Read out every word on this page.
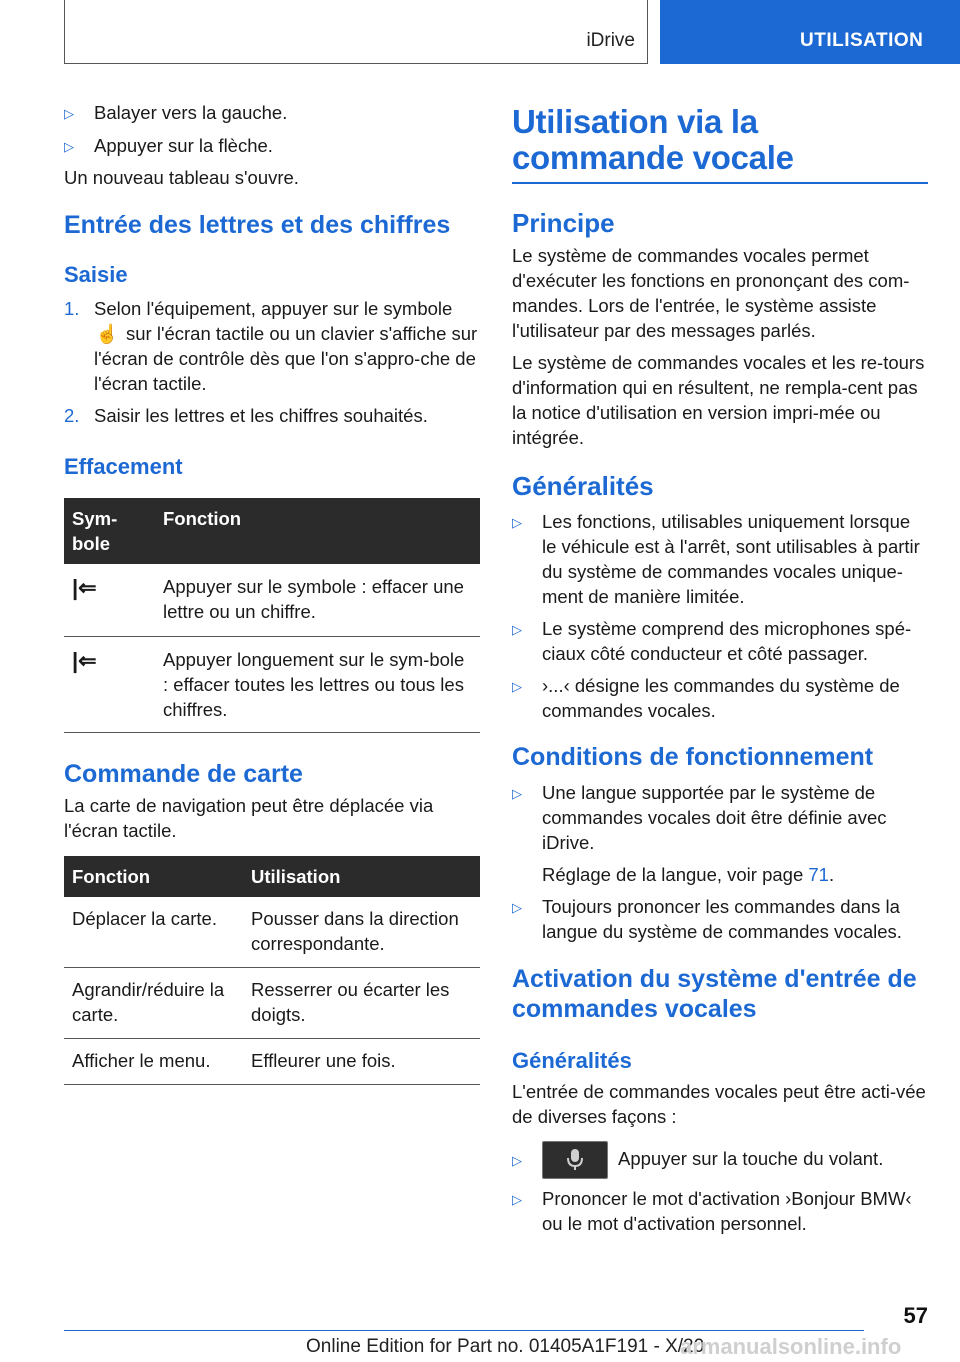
iDrive	UTILISATION
▷	Balayer vers la gauche.
▷	Appuyer sur la flèche.

Un nouveau tableau s'ouvre.

Entrée des lettres et des chiffres
Saisie
1. Selon l'équipement, appuyer sur le symbole
☝ sur l'écran tactile ou un clavier s'affiche sur l'écran de contrôle dès que l'on s'appro-che de l'écran tactile.
2. Saisir les lettres et les chiffres souhaités.
Effacement
Sym-bole	Fonction
|⇐	Appuyer sur le symbole : effacer une lettre ou un chiffre.
|⇐	Appuyer longuement sur le sym-bole : effacer toutes les lettres ou tous les chiffres.
Commande de carte

La carte de navigation peut être déplacée via l'écran tactile.

Fonction	Utilisation
Déplacer la carte.	Pousser dans la direction correspondante.
Agrandir/réduire la carte.	Resserrer ou écarter les doigts.
Afficher le menu.	Effleurer une fois.
Utilisation via la commande vocale
Principe

Le système de commandes vocales permet d'exécuter les fonctions en prononçant des com-mandes. Lors de l'entrée, le système assiste l'utilisateur par des messages parlés.

Le système de commandes vocales et les re-tours d'information qui en résultent, ne rempla-cent pas la notice d'utilisation en version impri-mée ou intégrée.

Généralités
▷	Les fonctions, utilisables uniquement lorsque le véhicule est à l'arrêt, sont utilisables à partir du système de commandes vocales unique-ment de manière limitée.
▷	Le système comprend des microphones spé-ciaux côté conducteur et côté passager.
▷	›...‹ désigne les commandes du système de commandes vocales.
Conditions de fonctionnement
▷	Une langue supportée par le système de commandes vocales doit être définie avec iDrive.
Réglage de la langue, voir page 71.
▷	Toujours prononcer les commandes dans la langue du système de commandes vocales.
Activation du système d'entrée de commandes vocales
Généralités

L'entrée de commandes vocales peut être acti-vée de diverses façons :

▷	Appuyer sur la touche du volant.
▷	Prononcer le mot d'activation ›Bonjour BMW‹ ou le mot d'activation personnel.
57
Online Edition for Part no. 01405A1F191 - X/20
armanualsonline.info
